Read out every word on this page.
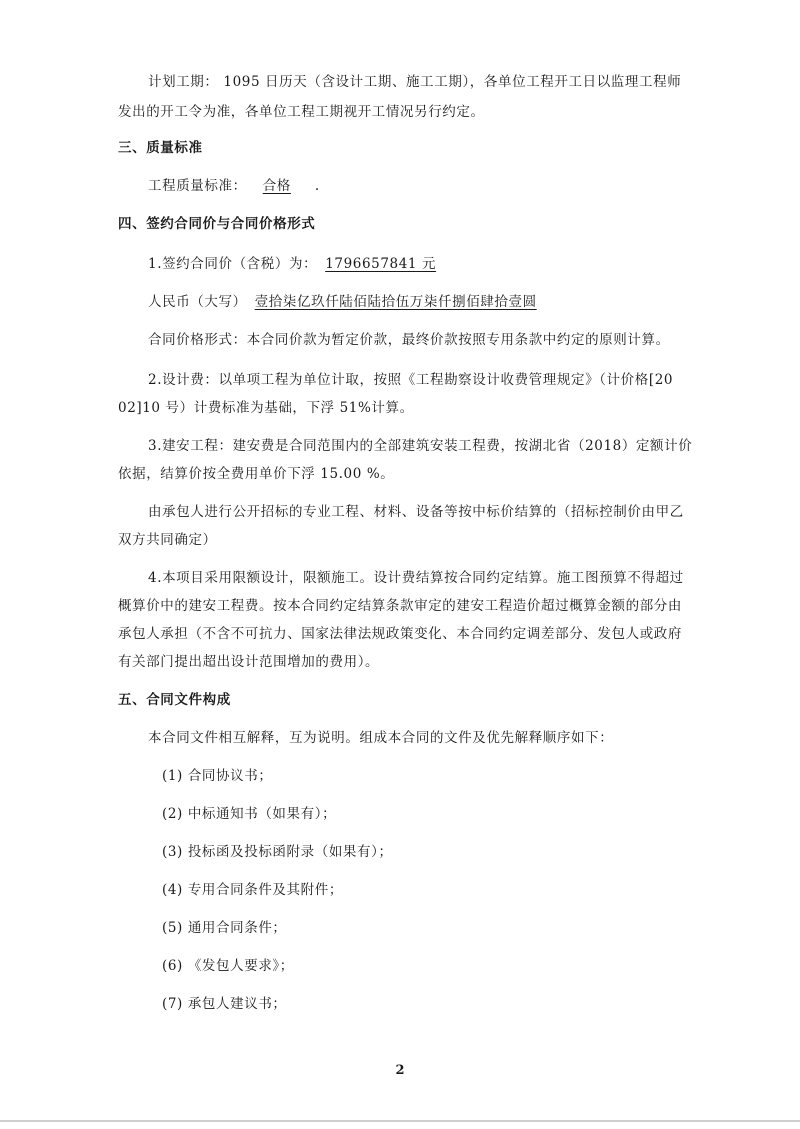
计划工期： 1095 日历天（含设计工期、施工工期），各单位工程开工日以监理工程师
发出的开工令为准，各单位工程工期视开工情况另行约定。
三、质量标准
工程质量标准： 合格 .
四、签约合同价与合同价格形式
1.签约合同价（含税）为： 1796657841 元
人民币（大写） 壹拾柒亿玖仟陆佰陆拾伍万柒仟捌佰肆拾壹圆
合同价格形式：本合同价款为暂定价款，最终价款按照专用条款中约定的原则计算。
2.设计费：以单项工程为单位计取，按照《工程勘察设计收费管理规定》（计价格[20
02]10 号）计费标准为基础，下浮 51%计算。
3.建安工程：建安费是合同范围内的全部建筑安装工程费，按湖北省（2018）定额计价
依据，结算价按全费用单价下浮 15.00 %。
由承包人进行公开招标的专业工程、材料、设备等按中标价结算的（招标控制价由甲乙
双方共同确定）
4.本项目采用限额设计，限额施工。设计费结算按合同约定结算。施工图预算不得超过
概算价中的建安工程费。按本合同约定结算条款审定的建安工程造价超过概算金额的部分由
承包人承担（不含不可抗力、国家法律法规政策变化、本合同约定调差部分、发包人或政府
有关部门提出超出设计范围增加的费用）。
五、合同文件构成
本合同文件相互解释，互为说明。组成本合同的文件及优先解释顺序如下：
(1) 合同协议书；
(2) 中标通知书（如果有）；
(3) 投标函及投标函附录（如果有）；
(4) 专用合同条件及其附件；
(5) 通用合同条件；
(6) 《发包人要求》；
(7) 承包人建议书；
2
